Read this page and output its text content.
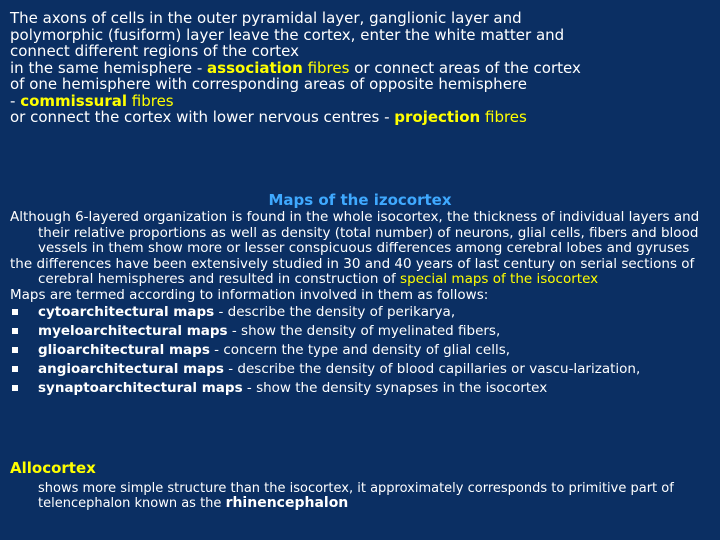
The axons of cells in the outer pyramidal layer, ganglionic layer and
polymorphic (fusiform) layer leave the cortex, enter the white matter and
connect different regions of the cortex
in the same hemisphere - association fibres or connect areas of the cortex
of one hemisphere with corresponding areas of opposite hemisphere
- commissural fibres
or connect the cortex with lower nervous centres - projection fibres
Maps of the izocortex
Although 6-layered organization is found in the whole isocortex, the thickness of individual layers and their relative proportions as well as density (total number) of neurons, glial cells, fibers and blood vessels in them show more or lesser conspicuous differences among cerebral lobes and gyruses
the differences have been extensively studied in 30 and 40 years of last century on serial sections of cerebral hemispheres and resulted in construction of special maps of the isocortex
Maps are termed according to information involved in them as follows:
cytoarchitectural maps - describe the density of perikarya,
myeloarchitectural maps - show the density of myelinated fibers,
glioarchitectural maps - concern the type and density of glial cells,
angioarchitectural maps - describe the density of blood capillaries or vascu-larization,
synaptoarchitectural maps - show the density synapses in the isocortex
Allocortex
shows more simple structure than the isocortex, it approximately corresponds to primitive part of telencephalon known as the rhinencephalon
